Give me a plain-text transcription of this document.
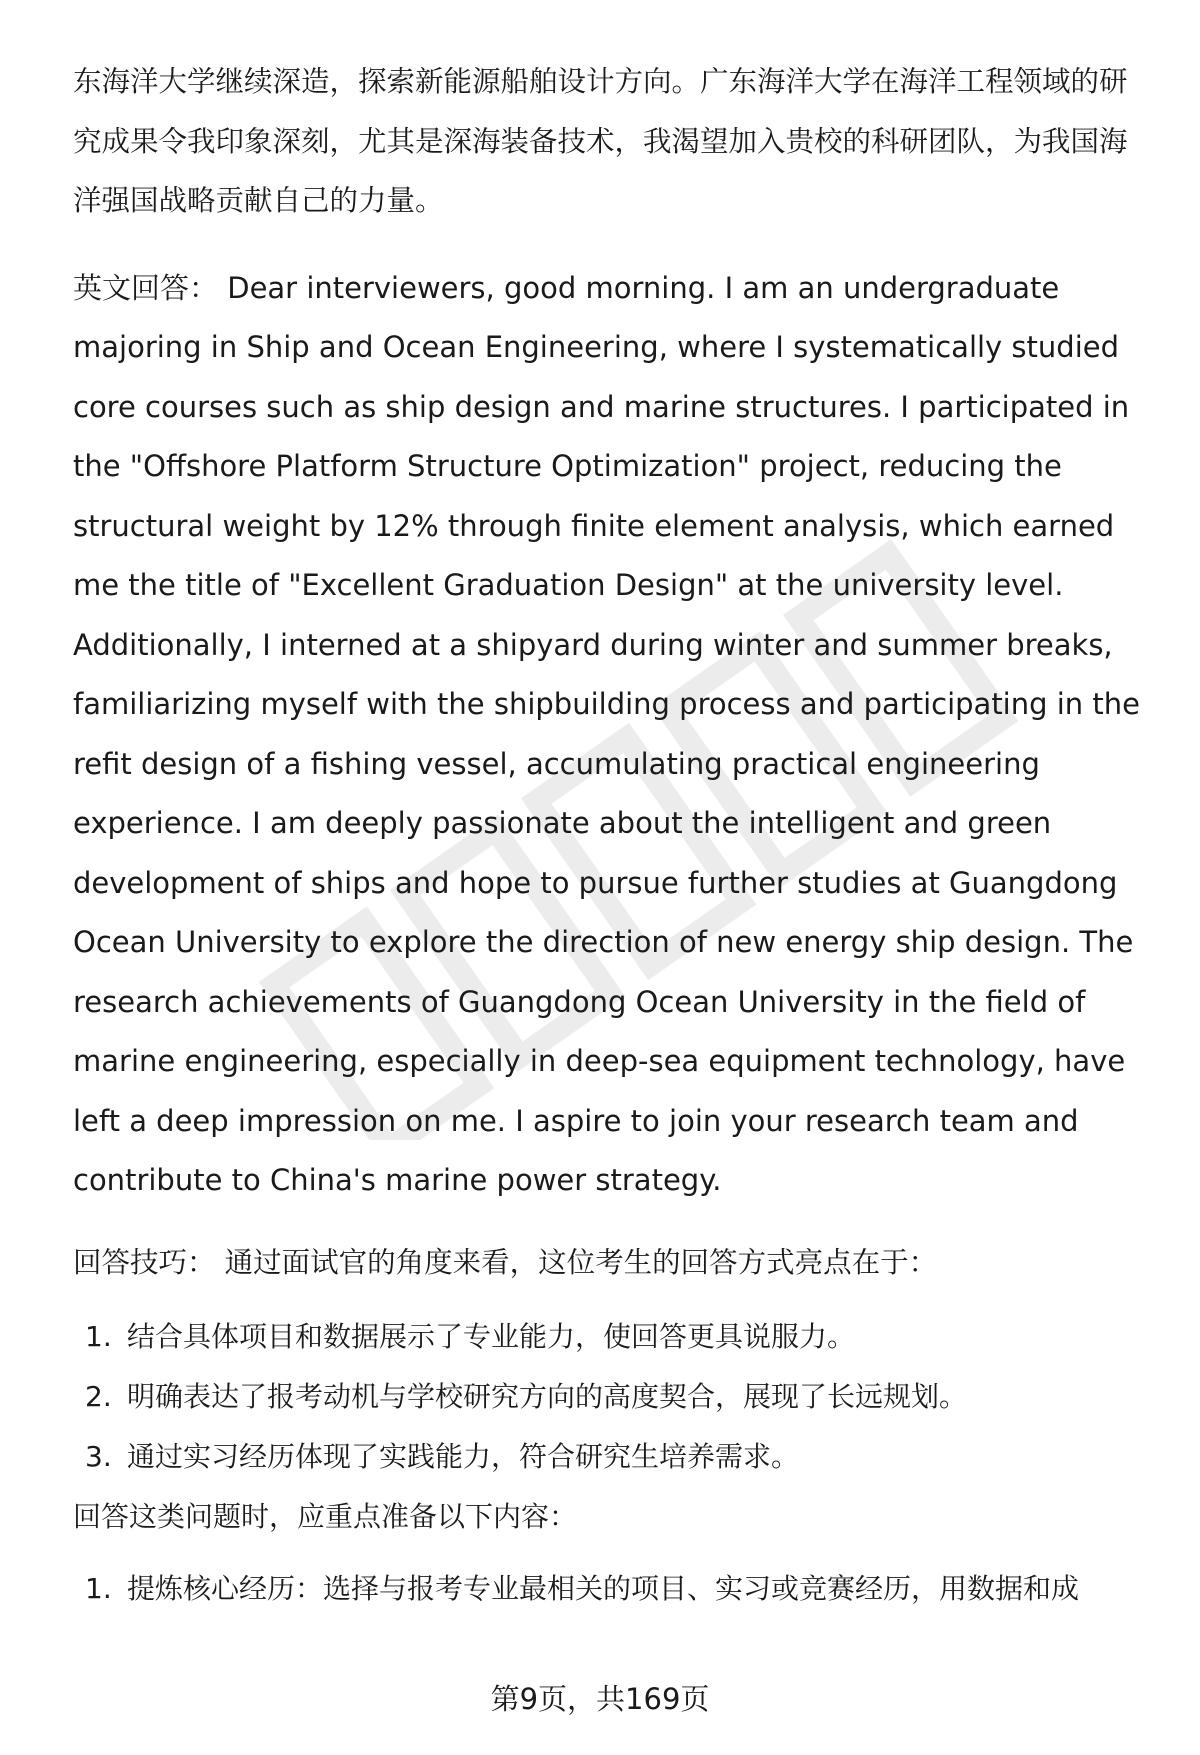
东海洋大学继续深造，探索新能源船舶设计方向。广东海洋大学在海洋工程领域的研究成果令我印象深刻，尤其是深海装备技术，我渴望加入贵校的科研团队，为我国海洋强国战略贡献自己的力量。

英文回答： Dear interviewers, good morning. I am an undergraduate majoring in Ship and Ocean Engineering, where I systematically studied core courses such as ship design and marine structures. I participated in the "Offshore Platform Structure Optimization" project, reducing the structural weight by 12% through finite element analysis, which earned me the title of "Excellent Graduation Design" at the university level. Additionally, I interned at a shipyard during winter and summer breaks, familiarizing myself with the shipbuilding process and participating in the refit design of a fishing vessel, accumulating practical engineering experience. I am deeply passionate about the intelligent and green development of ships and hope to pursue further studies at Guangdong Ocean University to explore the direction of new energy ship design. The research achievements of Guangdong Ocean University in the field of marine engineering, especially in deep-sea equipment technology, have left a deep impression on me. I aspire to join your research team and contribute to China's marine power strategy.

回答技巧： 通过面试官的角度来看，这位考生的回答方式亮点在于：

1. 结合具体项目和数据展示了专业能力，使回答更具说服力。
2. 明确表达了报考动机与学校研究方向的高度契合，展现了长远规划。
3. 通过实习经历体现了实践能力，符合研究生培养需求。

回答这类问题时，应重点准备以下内容：

1. 提炼核心经历：选择与报考专业最相关的项目、实习或竞赛经历，用数据和成
第9页，共169页
